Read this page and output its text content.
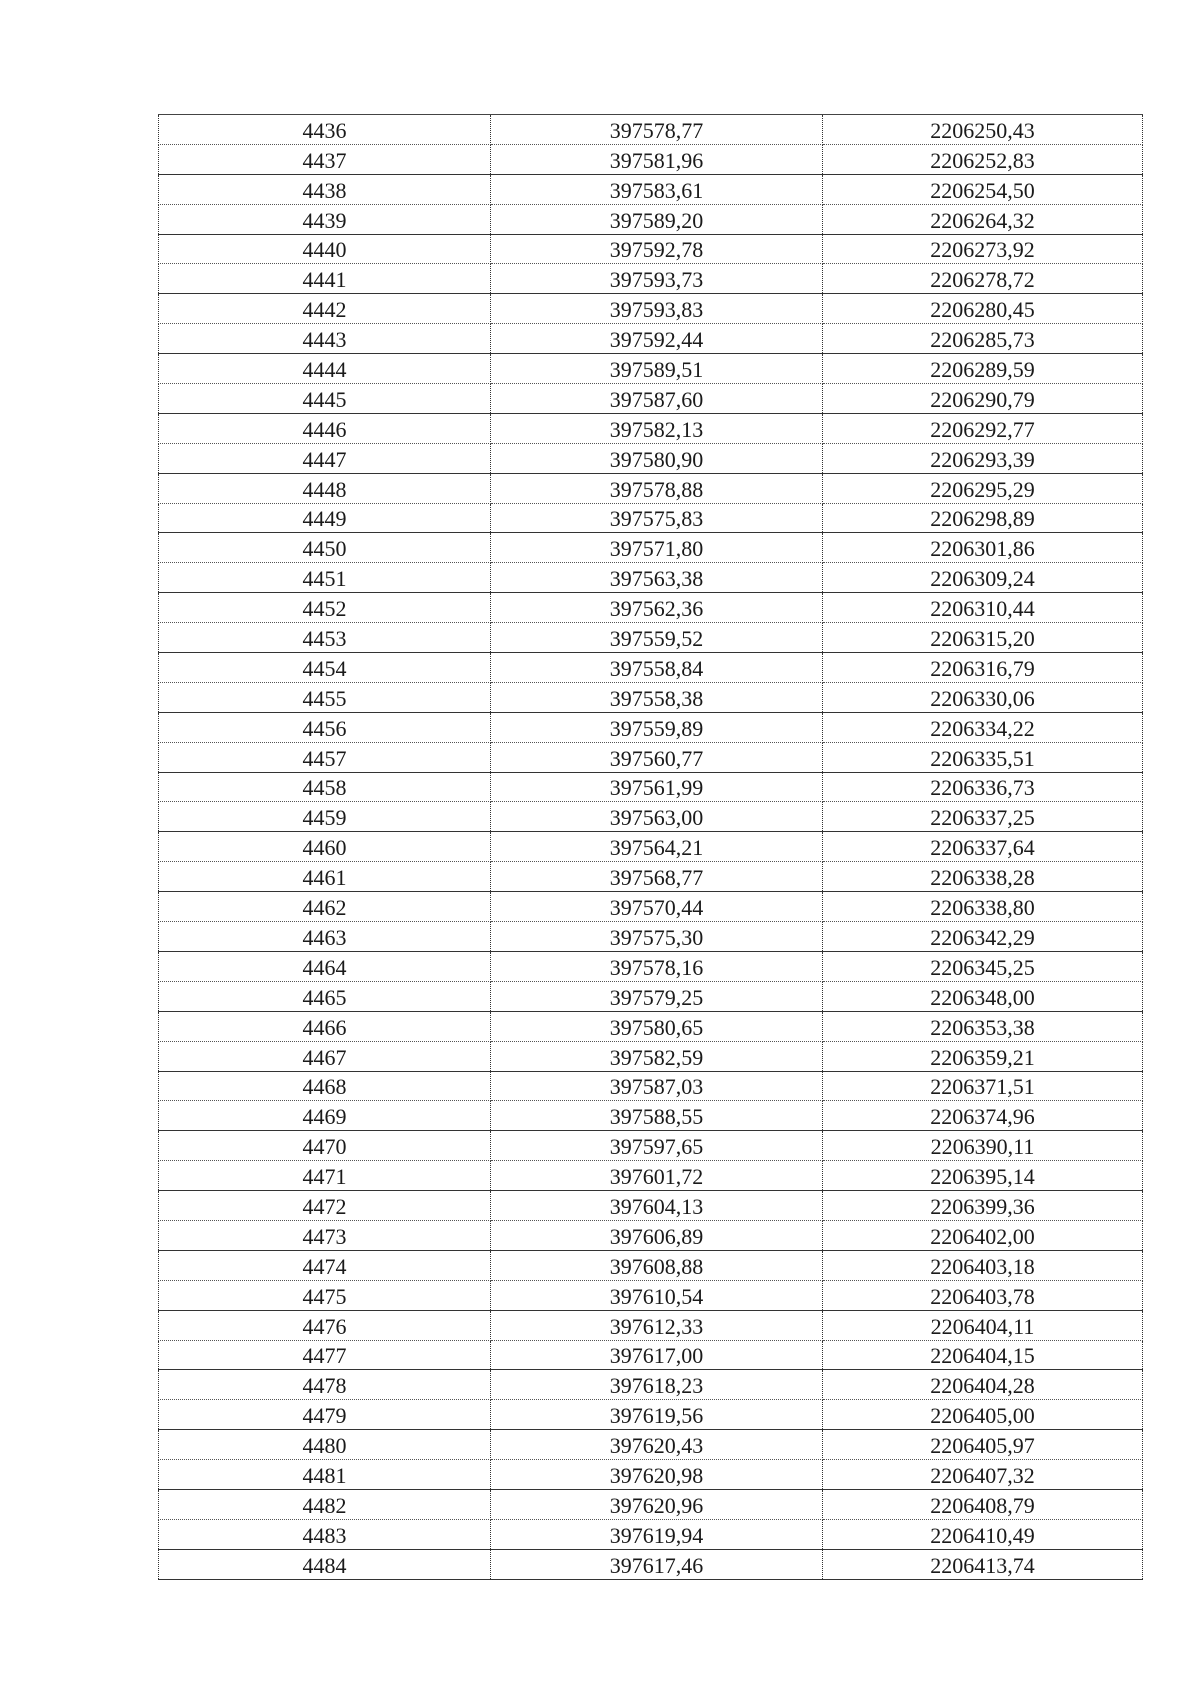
4436	397578,77	2206250,43
4437	397581,96	2206252,83
4438	397583,61	2206254,50
4439	397589,20	2206264,32
4440	397592,78	2206273,92
4441	397593,73	2206278,72
4442	397593,83	2206280,45
4443	397592,44	2206285,73
4444	397589,51	2206289,59
4445	397587,60	2206290,79
4446	397582,13	2206292,77
4447	397580,90	2206293,39
4448	397578,88	2206295,29
4449	397575,83	2206298,89
4450	397571,80	2206301,86
4451	397563,38	2206309,24
4452	397562,36	2206310,44
4453	397559,52	2206315,20
4454	397558,84	2206316,79
4455	397558,38	2206330,06
4456	397559,89	2206334,22
4457	397560,77	2206335,51
4458	397561,99	2206336,73
4459	397563,00	2206337,25
4460	397564,21	2206337,64
4461	397568,77	2206338,28
4462	397570,44	2206338,80
4463	397575,30	2206342,29
4464	397578,16	2206345,25
4465	397579,25	2206348,00
4466	397580,65	2206353,38
4467	397582,59	2206359,21
4468	397587,03	2206371,51
4469	397588,55	2206374,96
4470	397597,65	2206390,11
4471	397601,72	2206395,14
4472	397604,13	2206399,36
4473	397606,89	2206402,00
4474	397608,88	2206403,18
4475	397610,54	2206403,78
4476	397612,33	2206404,11
4477	397617,00	2206404,15
4478	397618,23	2206404,28
4479	397619,56	2206405,00
4480	397620,43	2206405,97
4481	397620,98	2206407,32
4482	397620,96	2206408,79
4483	397619,94	2206410,49
4484	397617,46	2206413,74
